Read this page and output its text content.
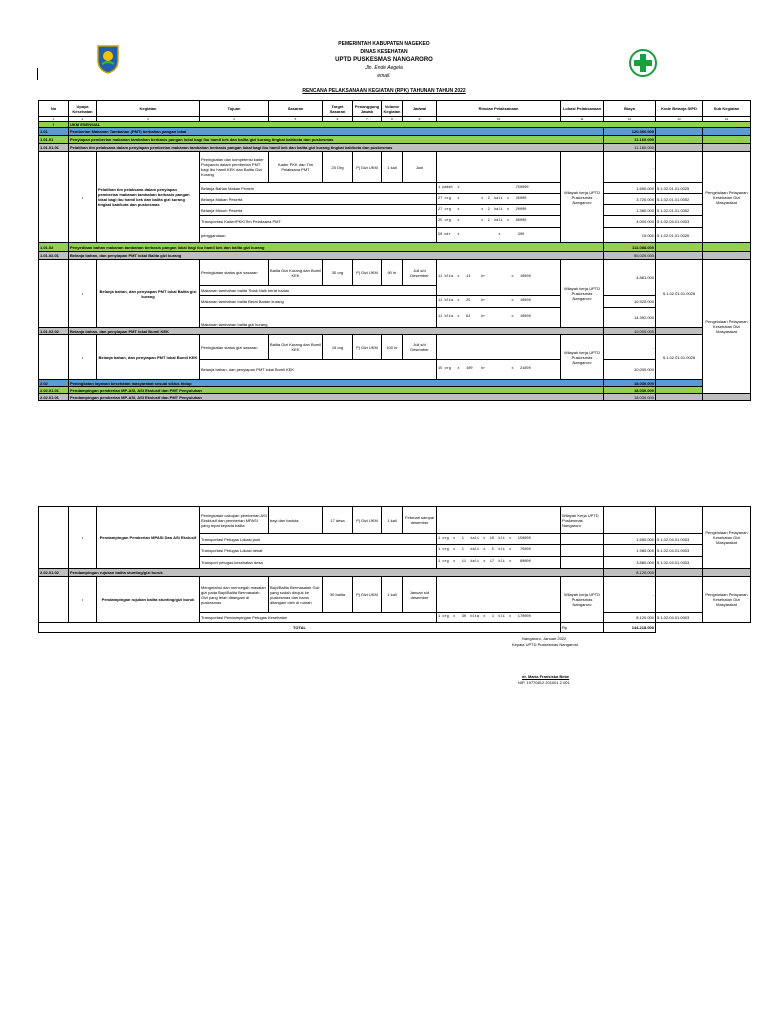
PEMERINTAH KABUPATEN NAGEKEO
DINAS KESEHATAN
UPTD PUSKESMAS NANGARORO
Jln. Ende Aegela
email.
RENCANA PELAKSANAAN KEGIATAN (RPK) TAHUNAN TAHUN 2022
No	Upaya Kesehatan	Kegiatan	Tujuan	Sasaran	Target Sasaran	Penanggung Jawab	Volume Kegiatan	Jadwal	Rincian Pelaksanaan	Lokasi Pelaksanaan	Biaya	Kode Belanja SIPD	Sub Kegiatan	
1	2	3	4	5	6	7	8	9	10	11	12	13	14	
I	UKM ESENSIAL													
1.01	Pemberian Makanan Tambahan (PMT) berbahan pangan lokal										120.366.000			
1.01.01	Penyiapan pemberian makanan tambahan berbasis pangan lokal bagi ibu hamil kek dan balita gizi kurang tingkat kab/kota dan puskesmas										11.160.000			
1.01.01.01	Pelatihan tim pelaksana dalam penyiapan pemberian makanan tambahan berbasis pangan lokal bagi ibu hamil kek dan balita gizi kurang tingkat kab/kota dan puskesmas										11.160.000			
	•	Pelatihan tim pelaksana dalam penyiapan pemberian makanan tambahan berbasis pangan lokal bagi ibu hamil kek dan balita gizi kurang tingkat kab/kota dan puskesmas	Peningkatan dan kompetensi kader Posyandu dalam pemberian PMT bagi Ibu hamil KEK dan Balita Gizi Kurang	Kader PKK dan Tim Pelaksana PMT	25 Org	Pj Gizi UKM	1 kali	Juni		Wilayah kerja UPTD Puskesmas Nangaroro	-		Pengelolaan Pelayanan Kesehatan Gizi Masyarakat	
			Belanja Bahan Makan Protein						1 paket  x                          750000		1.650.000	5.1.02.01.01.0025		
			Belanja Makan Peserta						27 org   x          x  2  kali  x   45000		3.720.000	5.1.02.01.01.0052		
			Belanja Minum Peserta						27 org   x          x  2  kali  x   20000		1.380.000	5.1.02.01.01.0052		
			Transportasi Kader/PKK/Tim Pelaksana PMT						25 org   x          x  2  kali  x   80000		4.000.000	5.1.02.04.01.0003		
			penggandaan						50 mtr   x                  x        300		15.000	5.1.02.01.01.0026		
1.01.02	Penyediaan bahan makanan tambahan berbasis pangan lokal bagi ibu hamil kek dan balita gizi kurang										112.088.000			
1.01.02.01	Belanja bahan, dan penyiapan PMT lokal Balita gizi kurang										55.020.000			
	•	Belanja bahan, dan penyiapan PMT lokal Balita gizi kurang	Peningkatan status gizi sasaran	Balita Gizi Kurang dan Bumil KEK	30 org	Pj Gizi UKM	90 hr	Juli s/d Desember	11 blta  x   14     hr            x   10800	Wilayah kerja UPTD Puskesmas Nangaroro	4.881.000	5.1.02.01.01.0026	Pengelolaan Pelayanan Kesehatan Gizi Masyarakat	
			Makanan tambahan balita Tidak Naik berat badan											
			Makanan tambahan balita Berat Badan kurang						11 blta  x   25     hr            x   10800		10.920.000			
			Makanan tambahan balita gizi kurang						11 blta  x   62     hr            x   10800		14.392.000			
1.01.02.02	Belanja bahan, dan penyiapan PMT lokal Bumil KEK										10.000.000			
	•	Belanja bahan, dan penyiapan PMT lokal Bumil KEK	Peningkatan status gizi sasaran	Balita Gizi Kurang dan Bumil KEK	15 org	Pj Gizi UKM	100 hr	Juli s/d Desember		Wilayah kerja UPTD Puskesmas Nangaroro	-	5.1.02.01.01.0026		
			Belanja bahan, dan penyiapan PMT lokal Bumil KEK						15 org   x   100    hr            x   21800		10.000.000			
2.02	Peningkatan layanan kesehatan masyarakat sesuai siklus hidup										18.030.000			
2.02.01.01	Pendampingan pemberian MP-ASI, ASI Ekslusif dan PMT Penyuluhan										18.030.000			
2.02.01.01	Pendampingan pemberian MP-ASI, ASI Ekslusif dan PMT Penyuluhan										18.030.000			
	•	Pendampingan Pemberian MPASI Dan ASI Ekslusif	Peningkatan cakupan pemberian ASI Eksklusif dan pemberian MPASI yang tepat kepada balita	bayi dan baduta	17 desa	Pj Gizi UKM	1 kali	Februari sampai desember		Wilayah Kerja UPTD Puskesmas Nangaroro			Pengelolaan Pelayanan Kesehatan Gizi Masyarakat
			Transportasi Petugas Lokasi jauh						1 org  x   1   kali  x  10  kli  x   150000		1.650.000	5.1.02.04.01.0003	
			Transportasi Petugas Lokasi dekat						1 org  x   1   kali  x   5  kli  x    75000		1.980.000	5.1.02.04.01.0003	
			Transport petugas kesehatan desa						1 org  x   11  kali  x  17  kli  x    80000		3.880.000	5.1.02.04.01.0003	
2.02.01.02	Pendampingan rujukan balita stunting/gizi buruk										8.120.000		
	•	Pendampingan rujukan balita stunting/gizi buruk	Mengetahui dan mencegah masalah gizi pada Bayi/Balita Bermasalah Gizi yang telah ditangani di puskesmas	Bayi/Balita Bermasalah Gizi yang sudah dirujuk ke puskesmas dan harus ditangani oleh di rumah	30 balita	Pj Gizi UKM	1 kali	Januari s/d desember		Wilayah kerja UPTD Puskesmas Nangaroro	-		Pengelolaan Pelayanan Kesehatan Gizi Masyarakat
			Transportasi Pendampingan Petugas Kesehatan						1 org  x   30  blta  x   1  kli  x   170000		8.120.000	5.1.02.04.01.0003	
TOTAL										Rp	144.218.000		
Nangaroro, Januari 2022
Kepala UPTD Puskesmas Nangaroro
dr. Maria Fransiska Bebe
NIP. 19770812 201001 2 001
